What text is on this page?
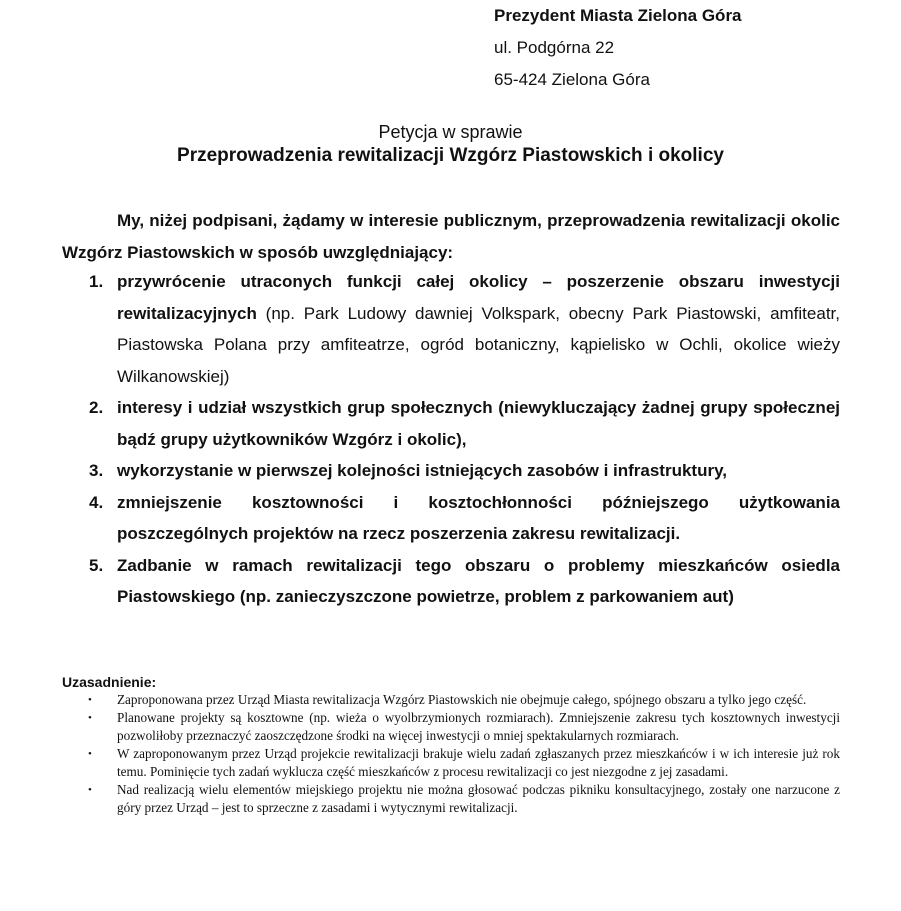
Prezydent Miasta Zielona Góra
ul. Podgórna 22
65-424 Zielona Góra
Petycja w sprawie
Przeprowadzenia rewitalizacji Wzgórz Piastowskich i okolicy

My, niżej podpisani, żądamy w interesie publicznym, przeprowadzenia rewitalizacji okolic Wzgórz Piastowskich w sposób uwzględniający:

1. przywrócenie utraconych funkcji całej okolicy – poszerzenie obszaru inwestycji rewitalizacyjnych (np. Park Ludowy dawniej Volkspark, obecny Park Piastowski, amfiteatr, Piastowska Polana przy amfiteatrze, ogród botaniczny, kąpielisko w Ochli, okolice wieży Wilkanowskiej)
2. interesy i udział wszystkich grup społecznych (niewykluczający żadnej grupy społecznej bądź grupy użytkowników Wzgórz i okolic),
3. wykorzystanie w pierwszej kolejności istniejących zasobów i infrastruktury,
4. zmniejszenie kosztowności i kosztochłonności późniejszego użytkowania poszczególnych projektów na rzecz poszerzenia zakresu rewitalizacji.
5. Zadbanie w ramach rewitalizacji tego obszaru o problemy mieszkańców osiedla Piastowskiego (np. zanieczyszczone powietrze, problem z parkowaniem aut)
Uzasadnienie:
• Zaproponowana przez Urząd Miasta rewitalizacja Wzgórz Piastowskich nie obejmuje całego, spójnego obszaru a tylko jego część.
• Planowane projekty są kosztowne (np. wieża o wyolbrzymionych rozmiarach). Zmniejszenie zakresu tych kosztownych inwestycji pozwoliłoby przeznaczyć zaoszczędzone środki na więcej inwestycji o mniej spektakularnych rozmiarach.
• W zaproponowanym przez Urząd projekcie rewitalizacji brakuje wielu zadań zgłaszanych przez mieszkańców i w ich interesie już rok temu. Pominięcie tych zadań wyklucza część mieszkańców z procesu rewitalizacji co jest niezgodne z jej zasadami.
• Nad realizacją wielu elementów miejskiego projektu nie można głosować podczas pikniku konsultacyjnego, zostały one narzucone z góry przez Urząd – jest to sprzeczne z zasadami i wytycznymi rewitalizacji.
